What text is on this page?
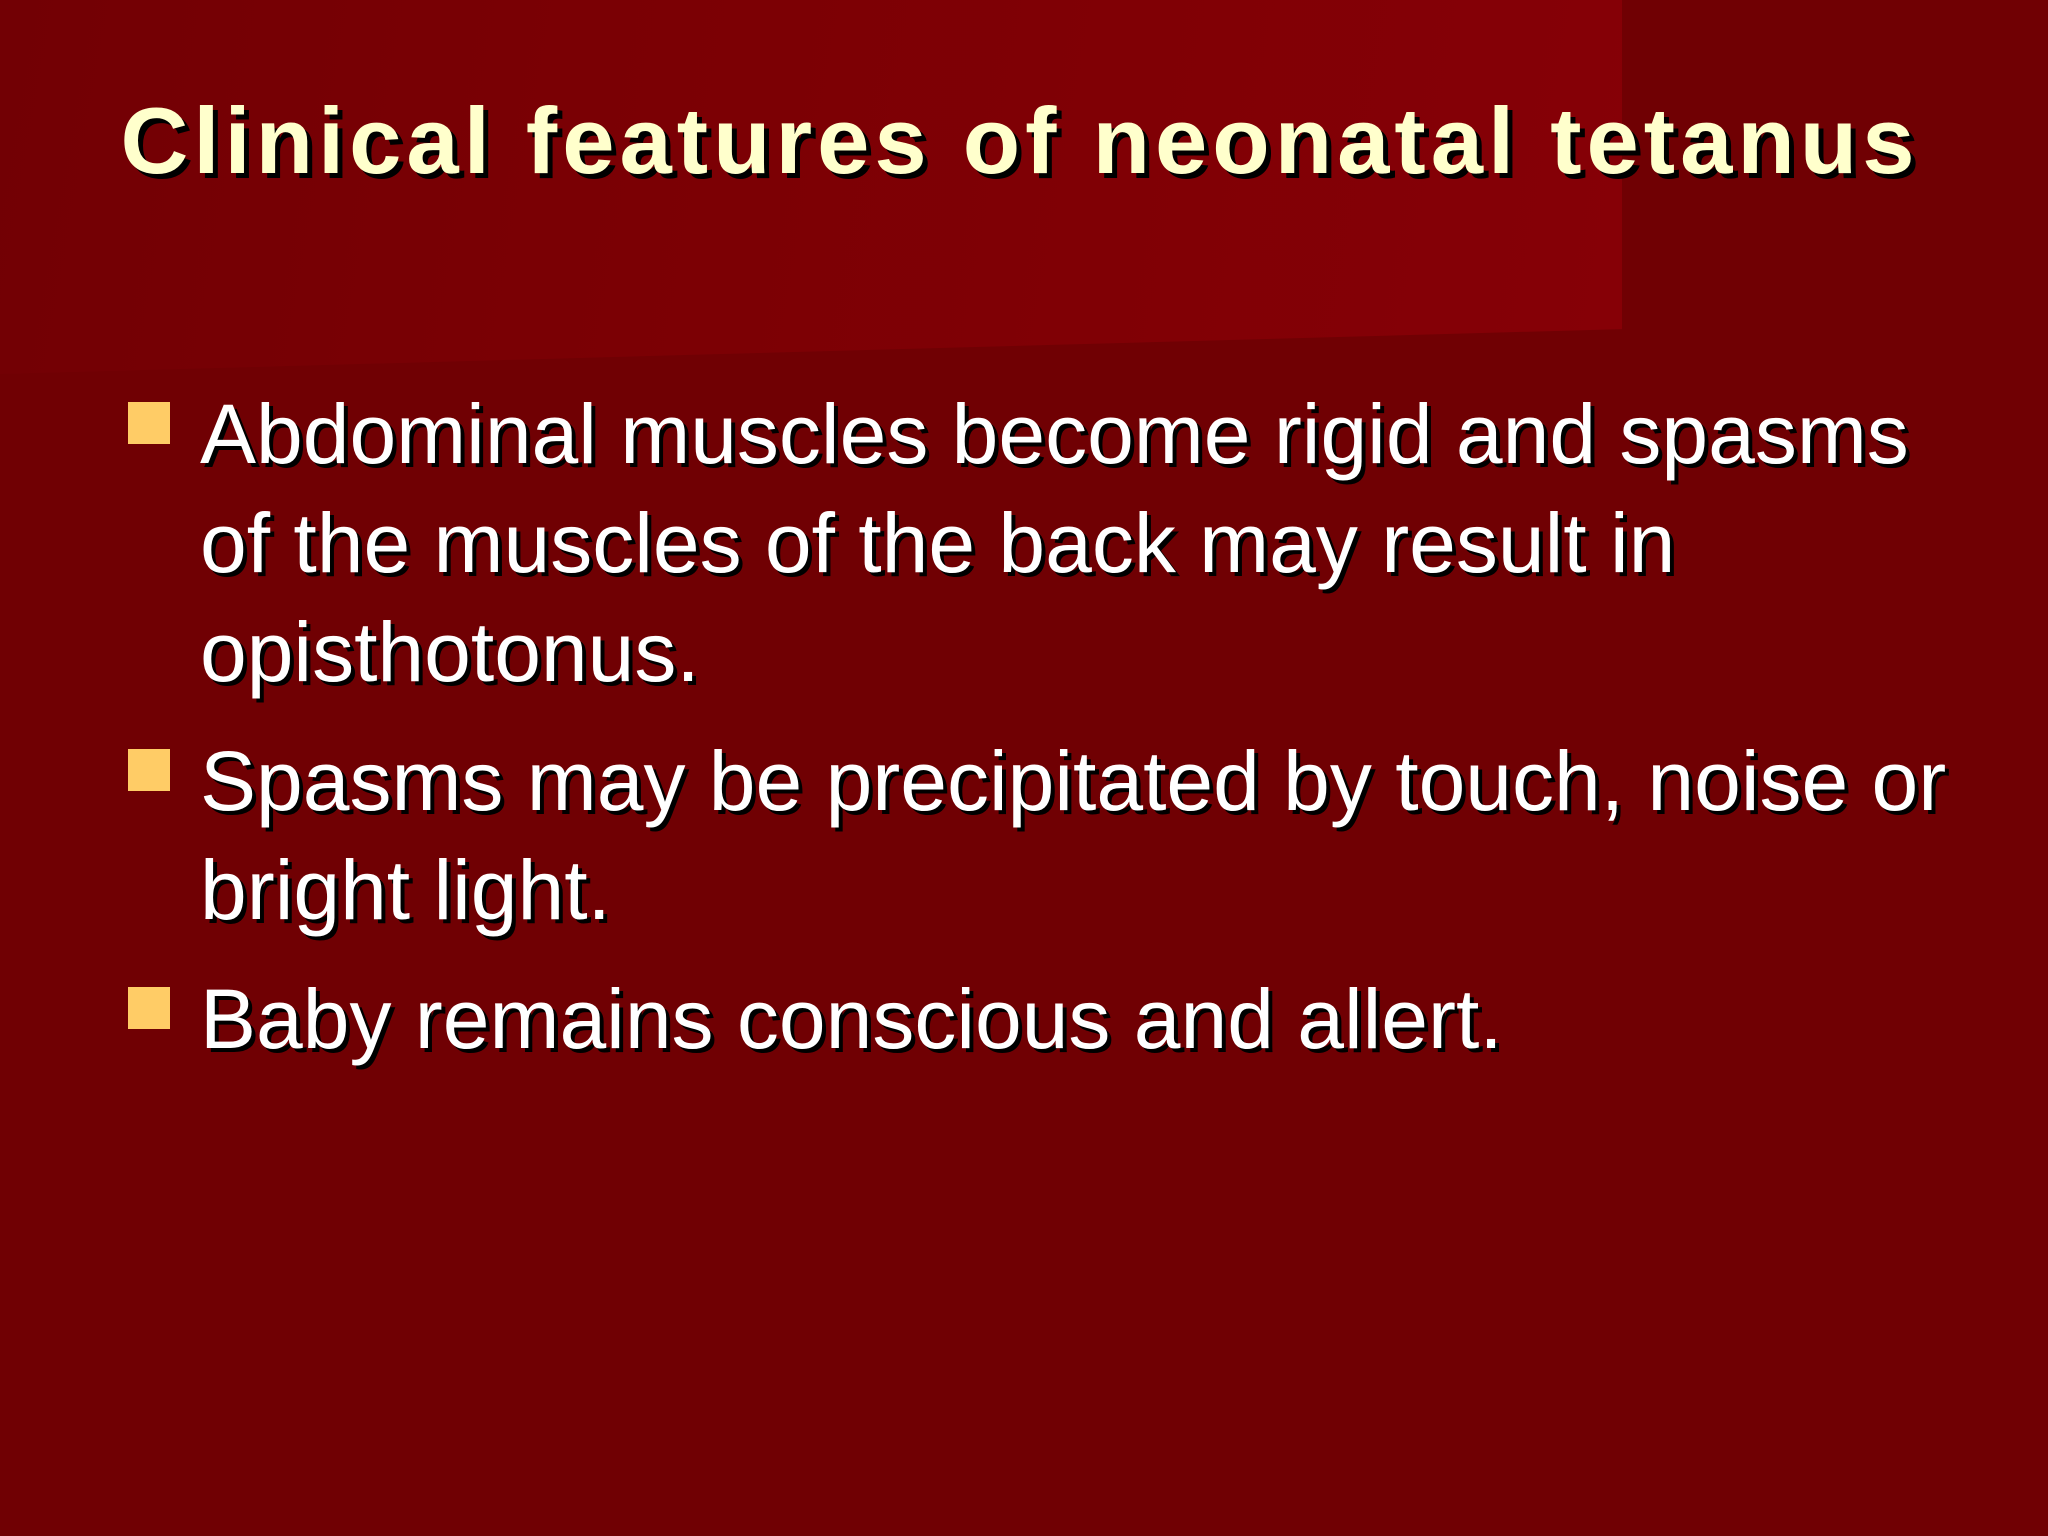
Clinical features of neonatal tetanus
Abdominal muscles become rigid and spasms of the muscles of the back may result in opisthotonus.
Spasms may be precipitated by touch, noise or bright light.
Baby remains conscious and allert.
